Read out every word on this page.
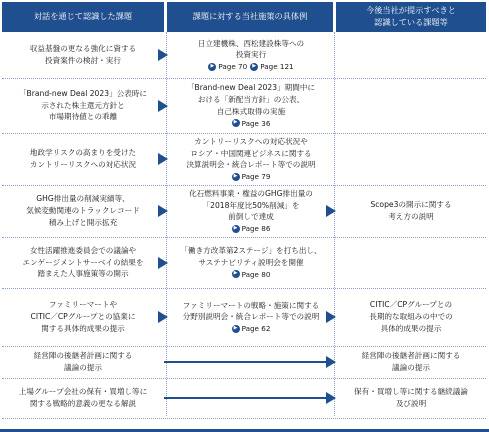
対話を通じて認識した課題	課題に対する当社施策の具体例
今後当社が提示すべきと
認識している課題等
収益基盤の更なる強化に資する
投資案件の検討・実行
日立建機株、西松建設株等への
投資実行
▶ Page 70	▶ Page 121
「Brand-new Deal 2023」公表時に
示された株主還元方針と
市場期待値との乖離
「Brand-new Deal 2023」期間中に
おける「新配当方針」の公表、
自己株式取得の実施
▶ Page 36
地政学リスクの高まりを受けた
カントリーリスクへの対応状況
カントリーリスクへの対応状況や
ロシア・中国関連ビジネスに関する
決算説明会・統合レポート等での説明
▶ Page 79
GHG排出量の削減実績等、
気候変動関連のトラックレコード
積み上げと開示拡充
化石燃料事業・権益のGHG排出量の
「2018年度比50%削減」を
前倒しで達成
▶ Page 86
Scope3の開示に関する
考え方の説明
女性活躍推進委員会での議論や
エンゲージメントサーベイの結果を
踏まえた人事施策等の開示
「働き方改革第2ステージ」を打ち出し、
サステナビリティ説明会を開催
▶ Page 80
ファミリーマートや
CITIC／CPグループとの協業に
関する具体的成果の提示
ファミリーマートの戦略・施策に関する
分野別説明会・統合レポート等での説明
▶ Page 62
CITIC／CPグループとの
長期的な取組みの中での
具体的成果の提示
経営陣の後継者計画に関する
議論の提示
経営陣の後継者計画に関する
議論の提示
上場グループ会社の保有・買増し等に
関する戦略的意義の更なる解説
保有・買増し等に関する継続議論
及び説明
